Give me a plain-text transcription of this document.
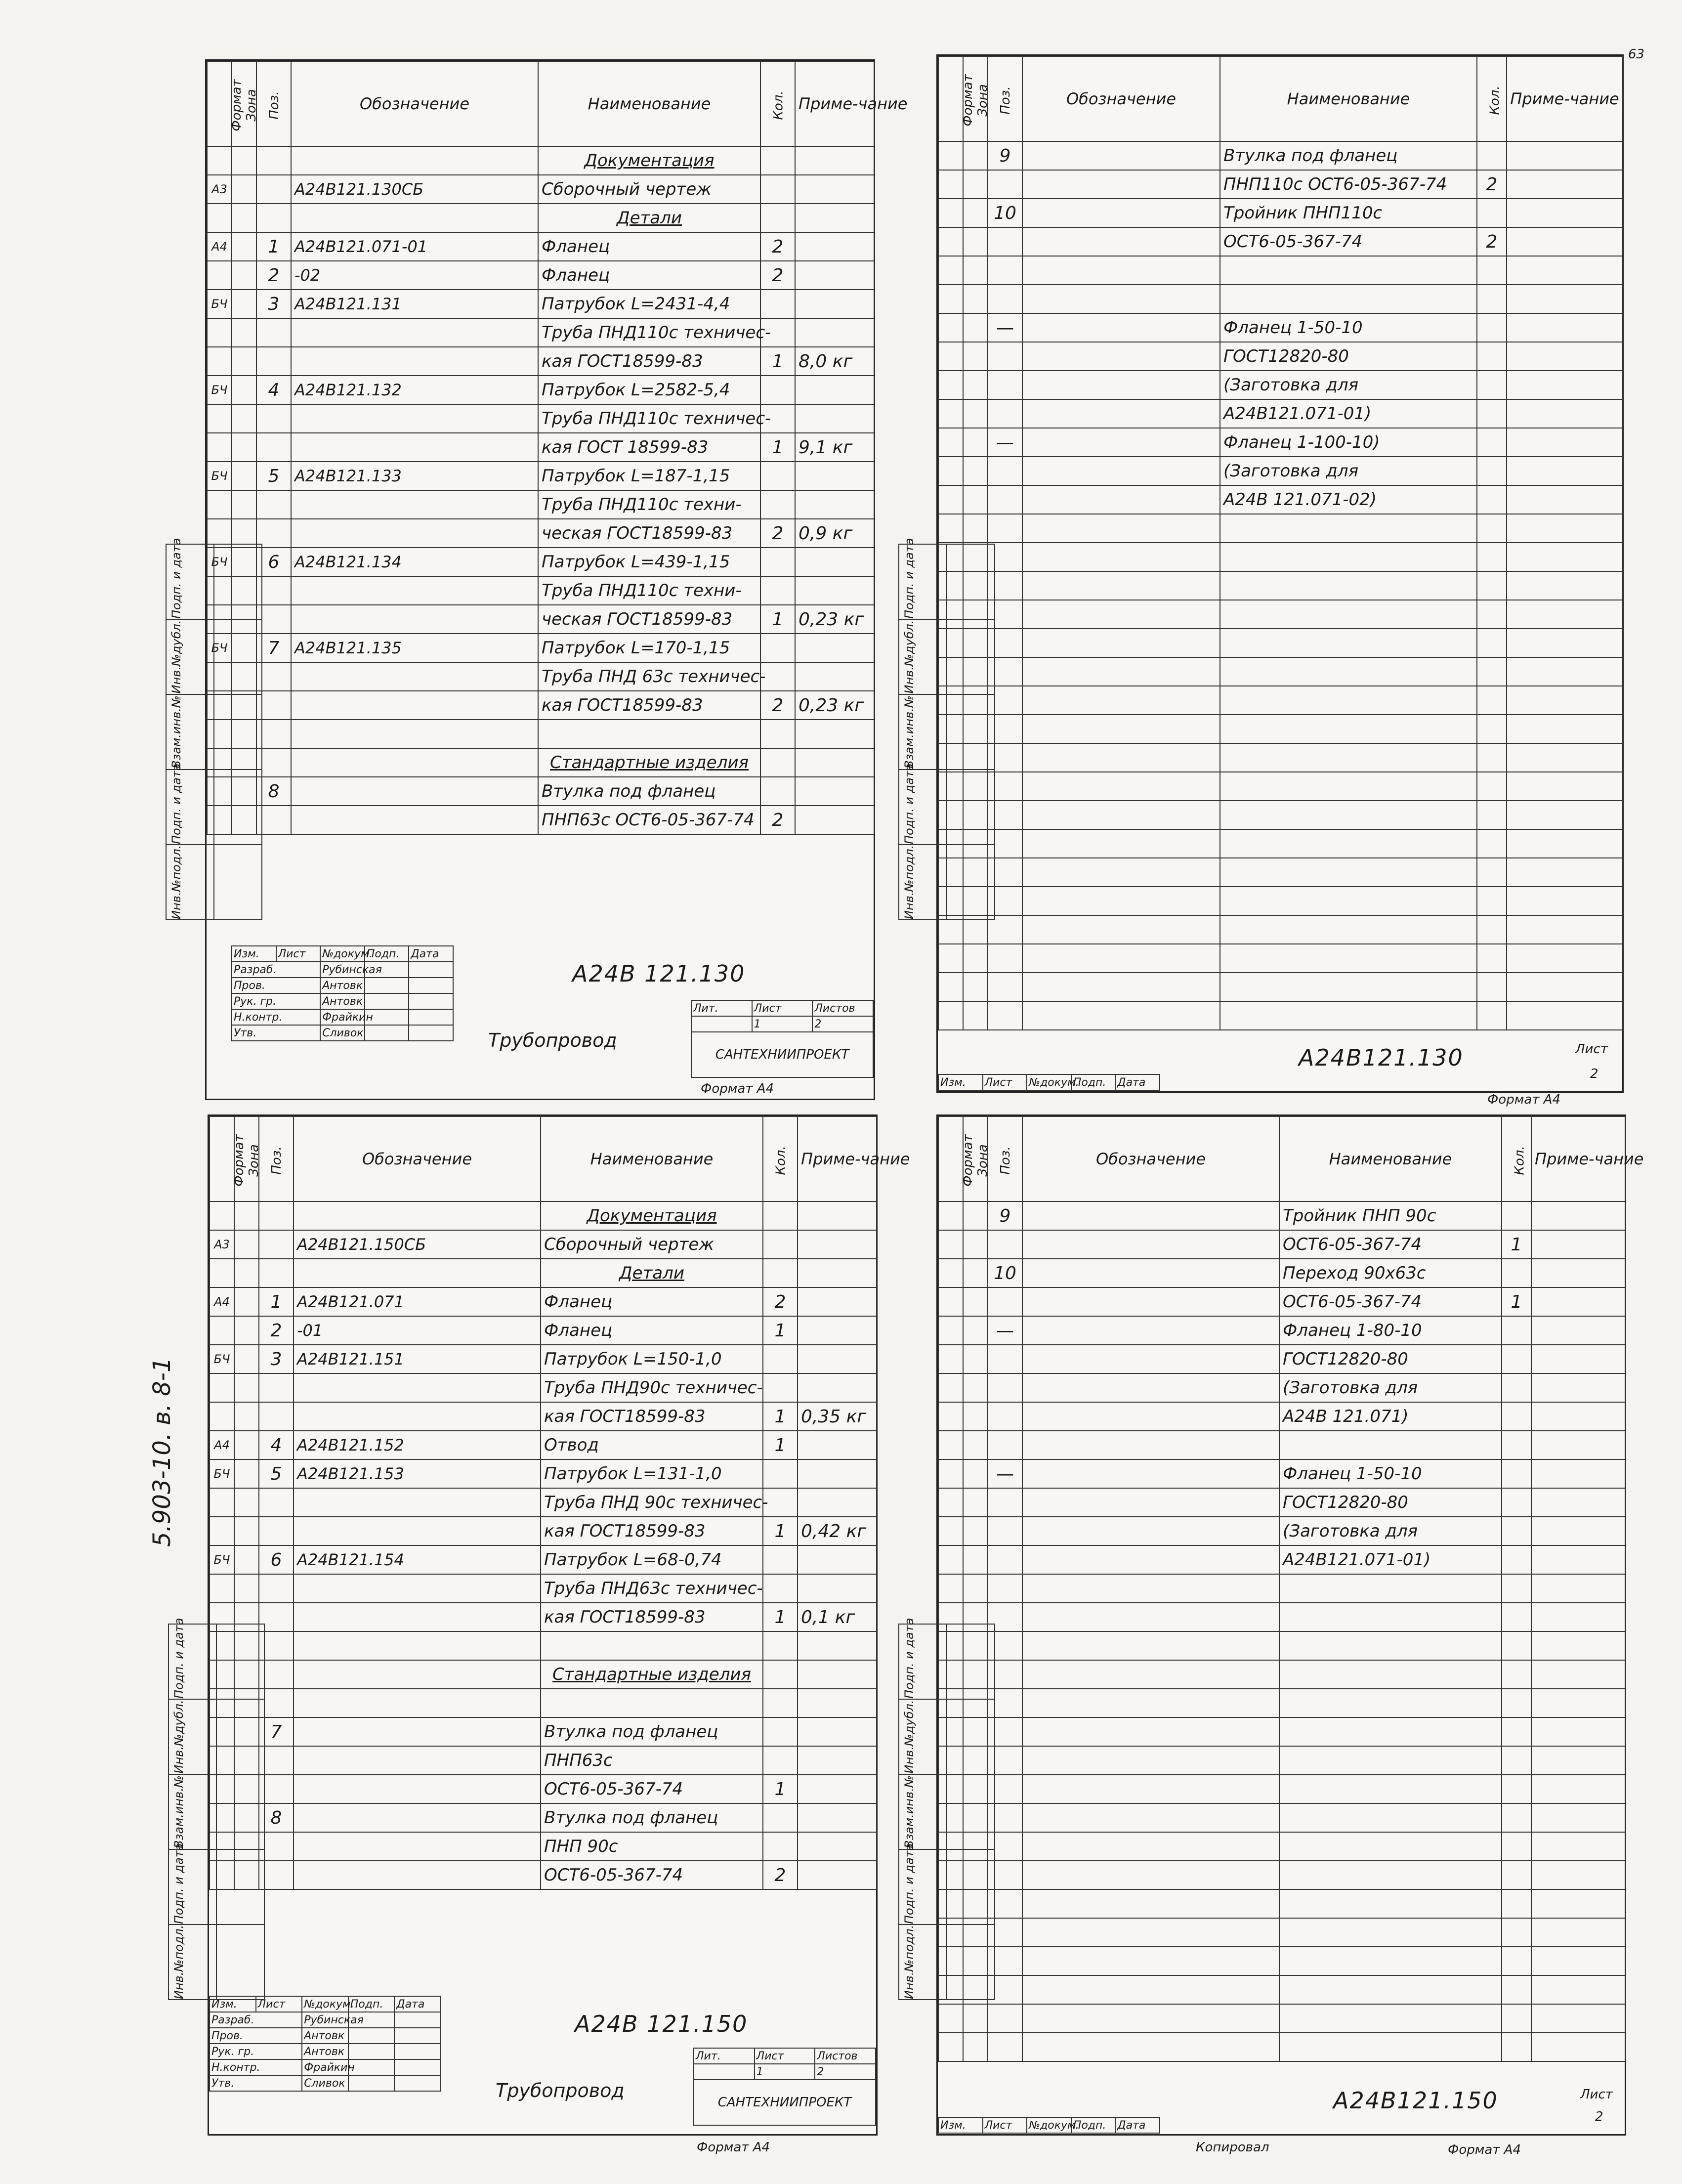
63
5.903-10. в. 8-1
Формат	Зона	Поз.	Обозначение	Наименование	Кол.	Приме-чание
				Документация		
А3			А24В121.130СБ	Сборочный чертеж		
				Детали		
А4		1	А24В121.071-01	Фланец	2	
		2	-02	Фланец	2	
БЧ		3	А24В121.131	Патрубок L=2431-4,4		
				Труба ПНД110с техничес-		
				кая ГОСТ18599-83	1	8,0 кг
БЧ		4	А24В121.132	Патрубок L=2582-5,4		
				Труба ПНД110с техничес-		
				кая ГОСТ 18599-83	1	9,1 кг
БЧ		5	А24В121.133	Патрубок L=187-1,15		
				Труба ПНД110с техни-		
				ческая ГОСТ18599-83	2	0,9 кг
БЧ		6	А24В121.134	Патрубок L=439-1,15		
				Труба ПНД110с техни-		
				ческая ГОСТ18599-83	1	0,23 кг
БЧ		7	А24В121.135	Патрубок L=170-1,15		
				Труба ПНД 63с техничес-		
				кая ГОСТ18599-83	2	0,23 кг

				Стандартные изделия		
		8		Втулка под фланец		
				ПНП63с ОСТ6-05-367-74	2	
А24В 121.130
Изм.	Лист	№докум.	Подп.	Дата
Разраб.		Рубинская		
Пров.		Антовк		
Рук. гр.		Антовк		
Н.контр.		Фрайкин		
Утв.		Сливок			Трубопровод
Лит.	Лист	Листов
	1	2
САНТЕХНИИПРОЕКТ		
Формат А4
Подп. и дата	

Инв.№дубл.	

Взам.инв.№	

Подп. и дата	

Инв.№подл.	

Формат	Зона	Поз.	Обозначение	Наименование	Кол.	Приме-чание
		9		Втулка под фланец		
				ПНП110с ОСТ6-05-367-74	2	
		10		Тройник ПНП110с		
				ОСТ6-05-367-74	2	

		—		Фланец 1-50-10		
				ГОСТ12820-80		
				(Заготовка для		
				А24В121.071-01)		
		—		Фланец 1-100-10)		
				(Заготовка для		
				А24В 121.071-02)		

Изм.	Лист	№докум.	Подп.	Дата
А24В121.130	Лист
2
Формат А4
Подп. и дата	

Инв.№дубл.	

Взам.инв.№	

Подп. и дата	

Инв.№подл.	

Формат	Зона	Поз.	Обозначение	Наименование	Кол.	Приме-чание
				Документация		
А3			А24В121.150СБ	Сборочный чертеж		
				Детали		
А4		1	А24В121.071	Фланец	2	
		2	-01	Фланец	1	
БЧ		3	А24В121.151	Патрубок L=150-1,0		
				Труба ПНД90с техничес-		
				кая ГОСТ18599-83	1	0,35 кг
А4		4	А24В121.152	Отвод	1	
БЧ		5	А24В121.153	Патрубок L=131-1,0		
				Труба ПНД 90с техничес-		
				кая ГОСТ18599-83	1	0,42 кг
БЧ		6	А24В121.154	Патрубок L=68-0,74		
				Труба ПНД63с техничес-		
				кая ГОСТ18599-83	1	0,1 кг

				Стандартные изделия		

		7		Втулка под фланец		
				ПНП63с		
				ОСТ6-05-367-74	1	
		8		Втулка под фланец		
				ПНП 90с		
				ОСТ6-05-367-74	2	
А24В 121.150
Изм.	Лист	№докум.	Подп.	Дата
Разраб.		Рубинская		
Пров.		Антовк		
Рук. гр.		Антовк		
Н.контр.		Фрайкин		
Утв.		Сливок			Трубопровод
Лит.	Лист	Листов
	1	2
САНТЕХНИИПРОЕКТ		
Формат А4
Подп. и дата	

Инв.№дубл.	

Взам.инв.№	

Подп. и дата	

Инв.№подл.	

Формат	Зона	Поз.	Обозначение	Наименование	Кол.	Приме-чание
		9		Тройник ПНП 90с		
				ОСТ6-05-367-74	1	
		10		Переход 90х63с		
				ОСТ6-05-367-74	1	
		—		Фланец 1-80-10		
				ГОСТ12820-80		
				(Заготовка для		
				А24В 121.071)		

		—		Фланец 1-50-10		
				ГОСТ12820-80		
				(Заготовка для		
				А24В121.071-01)		

Изм.	Лист	№докум.	Подп.	Дата
А24В121.150	Лист
2
Копировал	Формат А4
Подп. и дата	

Инв.№дубл.	

Взам.инв.№	

Подп. и дата	

Инв.№подл.	
